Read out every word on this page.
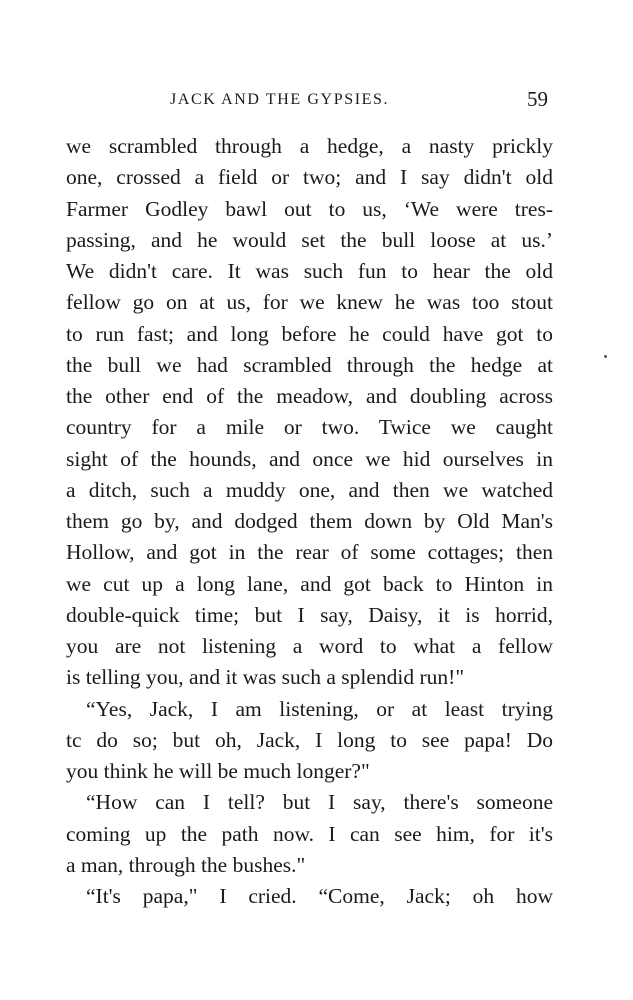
JACK AND THE GYPSIES.	59
we scrambled through a hedge, a nasty prickly
one, crossed a field or two; and I say didn't old
Farmer Godley bawl out to us, ‘We were tres-
passing, and he would set the bull loose at us.’
We didn't care. It was such fun to hear the old
fellow go on at us, for we knew he was too stout
to run fast; and long before he could have got to
the bull we had scrambled through the hedge at
the other end of the meadow, and doubling across
country for a mile or two. Twice we caught
sight of the hounds, and once we hid ourselves in
a ditch, such a muddy one, and then we watched
them go by, and dodged them down by Old Man's
Hollow, and got in the rear of some cottages; then
we cut up a long lane, and got back to Hinton in
double-quick time; but I say, Daisy, it is horrid,
you are not listening a word to what a fellow
is telling you, and it was such a splendid run!"
“Yes, Jack, I am listening, or at least trying
tc do so; but oh, Jack, I long to see papa! Do
you think he will be much longer?"
“How can I tell? but I say, there's someone
coming up the path now. I can see him, for it's
a man, through the bushes."
“It's papa," I cried. “Come, Jack; oh how
